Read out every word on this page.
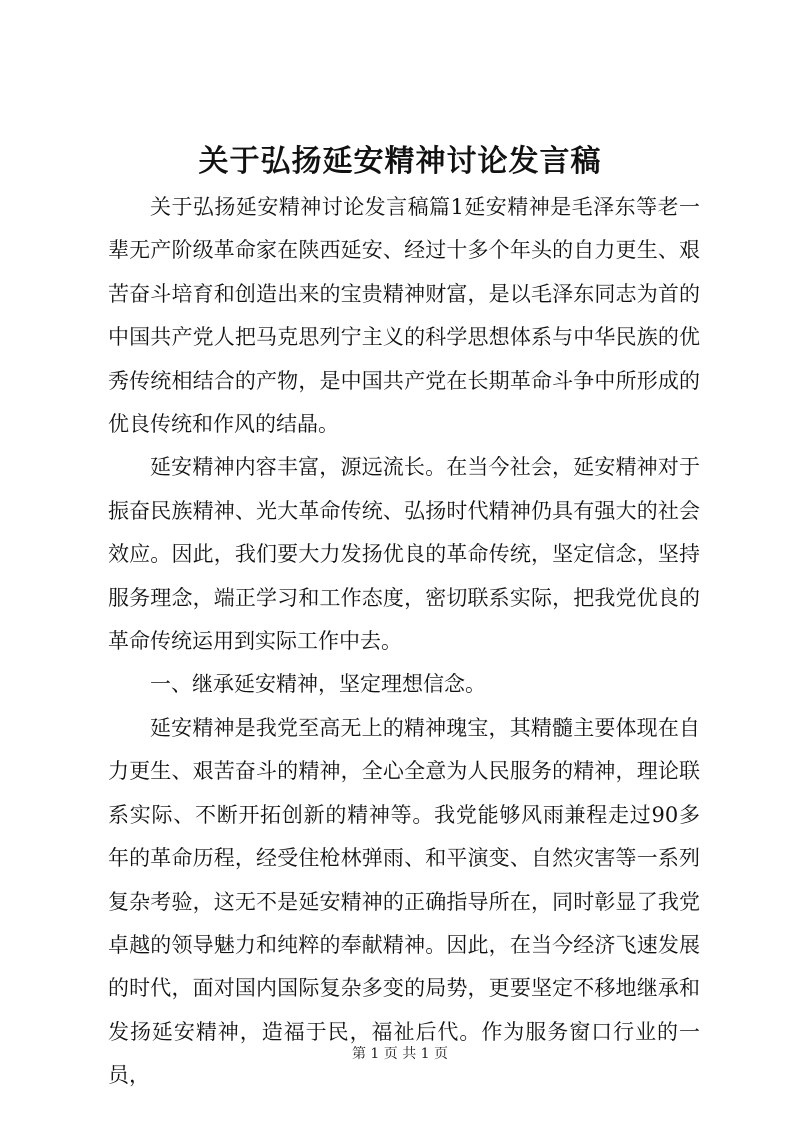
关于弘扬延安精神讨论发言稿

关于弘扬延安精神讨论发言稿篇1延安精神是毛泽东等老一辈无产阶级革命家在陕西延安、经过十多个年头的自力更生、艰苦奋斗培育和创造出来的宝贵精神财富，是以毛泽东同志为首的中国共产党人把马克思列宁主义的科学思想体系与中华民族的优秀传统相结合的产物，是中国共产党在长期革命斗争中所形成的优良传统和作风的结晶。

延安精神内容丰富，源远流长。在当今社会，延安精神对于振奋民族精神、光大革命传统、弘扬时代精神仍具有强大的社会效应。因此，我们要大力发扬优良的革命传统，坚定信念，坚持服务理念，端正学习和工作态度，密切联系实际，把我党优良的革命传统运用到实际工作中去。

一、继承延安精神，坚定理想信念。

延安精神是我党至高无上的精神瑰宝，其精髓主要体现在自力更生、艰苦奋斗的精神，全心全意为人民服务的精神，理论联系实际、不断开拓创新的精神等。我党能够风雨兼程走过90多年的革命历程，经受住枪林弹雨、和平演变、自然灾害等一系列复杂考验，这无不是延安精神的正确指导所在，同时彰显了我党卓越的领导魅力和纯粹的奉献精神。因此，在当今经济飞速发展的时代，面对国内国际复杂多变的局势，更要坚定不移地继承和发扬延安精神，造福于民，福祉后代。作为服务窗口行业的一员，

第 1 页 共 1 页
